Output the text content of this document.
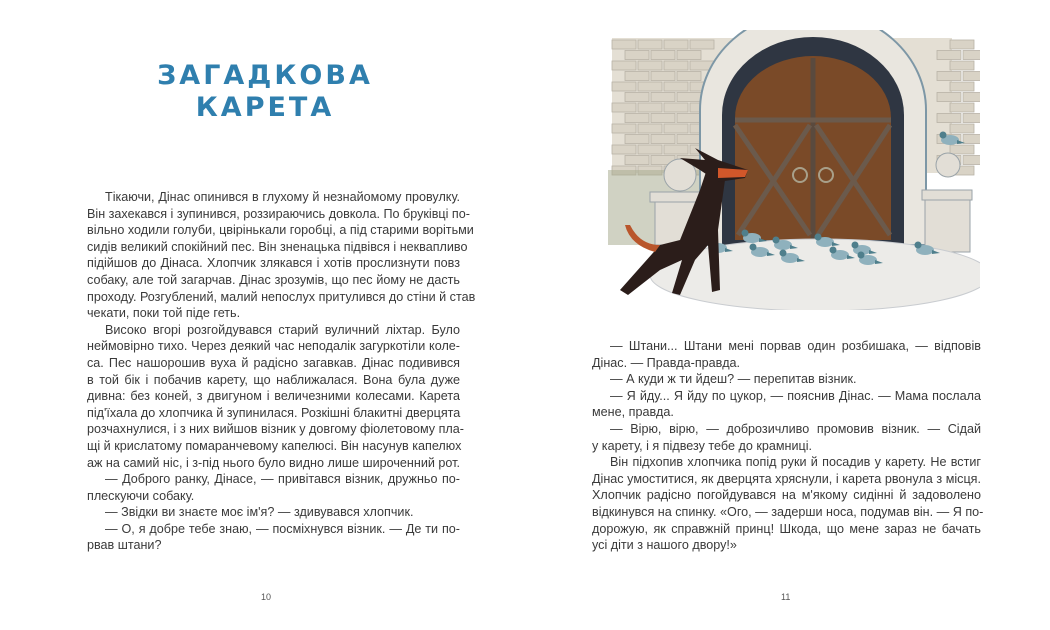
ЗАГАДКОВА
КАРЕТА
Тікаючи, Дінас опинився в глухому й незнайомому провулку.
Він захекався і зупинився, роззираючись довкола. По бруківці по-
вільно ходили голуби, цвірінькали горобці, а під старими ворітьми
сидів великий спокійний пес. Він зненацька підвівся і неквапливо
підійшов до Дінаса. Хлопчик злякався і хотів прослизнути повз
собаку, але той загарчав. Дінас зрозумів, що пес йому не дасть
проходу. Розгублений, малий непослух притулився до стіни й став
чекати, поки той піде геть.
Високо вгорі розгойдувався старий вуличний ліхтар. Було
неймовірно тихо. Через деякий час неподалік загуркотіли коле-
са. Пес нашорошив вуха й радісно загавкав. Дінас подивився
в той бік і побачив карету, що наближалася. Вона була дуже
дивна: без коней, з двигуном і величезними колесами. Карета
під'їхала до хлопчика й зупинилася. Розкішні блакитні дверцята
розчахнулися, і з них вийшов візник у довгому фіолетовому пла-
щі й крислатому помаранчевому капелюсі. Він насунув капелюх
аж на самий ніс, і з-під нього було видно лише широченний рот.
— Доброго ранку, Дінасе, — привітався візник, дружньо по-
плескуючи собаку.
— Звідки ви знаєте моє ім'я? — здивувався хлопчик.
— О, я добре тебе знаю, — посміхнувся візник. — Де ти по-
рвав штани?
10
— Штани... Штани мені порвав один розбишака, — відповів
Дінас. — Правда-правда.
— А куди ж ти йдеш? — перепитав візник.
— Я йду... Я йду по цукор, — пояснив Дінас. — Мама послала
мене, правда.
— Вірю, вірю, — доброзичливо промовив візник. — Сідай
у карету, і я підвезу тебе до крамниці.
Він підхопив хлопчика попід руки й посадив у карету. Не встиг
Дінас умоститися, як дверцята хряснули, і карета рвонула з місця.
Хлопчик радісно погойдувався на м'якому сидінні й задоволено
відкинувся на спинку. «Ого, — задерши носа, подумав він. — Я по-
дорожую, як справжній принц! Шкода, що мене зараз не бачать
усі діти з нашого двору!»
11
